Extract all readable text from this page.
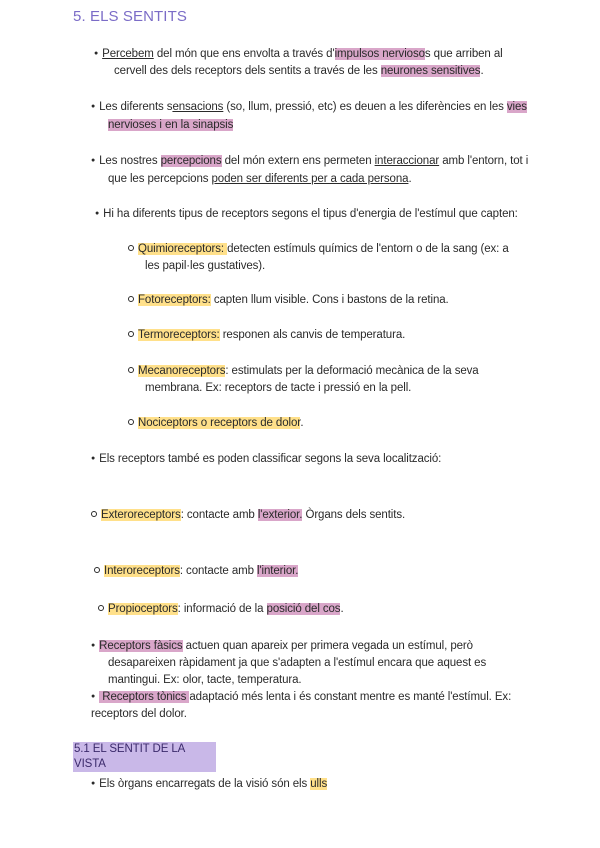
5. ELS SENTITS
● Percebem del món que ens envolta a través d'impulsos nerviosos que arriben al
cervell des dels receptors dels sentits a través de les neurones sensitives.
● Les diferents sensacions (so, llum, pressió, etc) es deuen a les diferències en les vies
nervioses i en la sinapsis
● Les nostres percepcions del món extern ens permeten interaccionar amb l'entorn, tot i
que les percepcions poden ser diferents per a cada persona.
● Hi ha diferents tipus de receptors segons el tipus d'energia de l'estímul que capten:
Quimioreceptors: detecten estímuls químics de l'entorn o de la sang (ex: a
les papil·les gustatives).
Fotoreceptors: capten llum visible. Cons i bastons de la retina.
Termoreceptors: responen als canvis de temperatura.
Mecanoreceptors: estimulats per la deformació mecànica de la seva
membrana. Ex: receptors de tacte i pressió en la pell.
Nociceptors o receptors de dolor.
● Els receptors també es poden classificar segons la seva localització:
Exteroreceptors: contacte amb l'exterior. Òrgans dels sentits.
Interoreceptors: contacte amb l'interior.
Propioceptors: informació de la posició del cos.
● Receptors fàsics actuen quan apareix per primera vegada un estímul, però
desapareixen ràpidament ja que s'adapten a l'estímul encara que aquest es
mantingui. Ex: olor, tacte, temperatura.
● Receptors tònics adaptació més lenta i és constant mentre es manté l'estímul. Ex:
receptors del dolor.
5.1 EL SENTIT DE LA VISTA
● Els òrgans encarregats de la visió són els ulls
